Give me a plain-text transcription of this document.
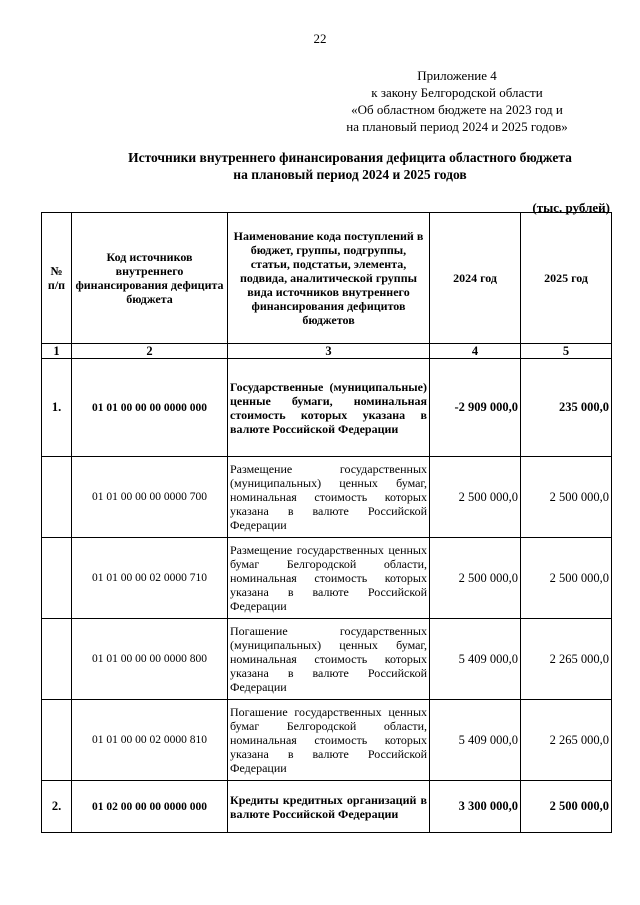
22
Приложение 4
к закону Белгородской области
«Об областном бюджете на 2023 год и
на плановый период 2024 и 2025 годов»
Источники внутреннего финансирования дефицита областного бюджета
на плановый период 2024 и 2025 годов
(тыс. рублей)
№ п/п	Код источников внутреннего финансирования дефицита бюджета	Наименование кода поступлений в бюджет, группы, подгруппы, статьи, подстатьи, элемента, подвида, аналитической группы вида источников внутреннего финансирования дефицитов бюджетов	2024 год	2025 год
1	2	3	4	5
1.	01 01 00 00 00 0000 000	Государственные (муниципальные) ценные бумаги, номинальная стоимость которых указана в валюте Российской Федерации	-2 909 000,0	235 000,0
	01 01 00 00 00 0000 700	Размещение государственных (муниципальных) ценных бумаг, номинальная стоимость которых указана в валюте Российской Федерации	2 500 000,0	2 500 000,0
	01 01 00 00 02 0000 710	Размещение государственных ценных бумаг Белгородской области, номинальная стоимость которых указана в валюте Российской Федерации	2 500 000,0	2 500 000,0
	01 01 00 00 00 0000 800	Погашение государственных (муниципальных) ценных бумаг, номинальная стоимость которых указана в валюте Российской Федерации	5 409 000,0	2 265 000,0
	01 01 00 00 02 0000 810	Погашение государственных ценных бумаг Белгородской области, номинальная стоимость которых указана в валюте Российской Федерации	5 409 000,0	2 265 000,0
2.	01 02 00 00 00 0000 000	Кредиты кредитных организаций в валюте Российской Федерации	3 300 000,0	2 500 000,0
